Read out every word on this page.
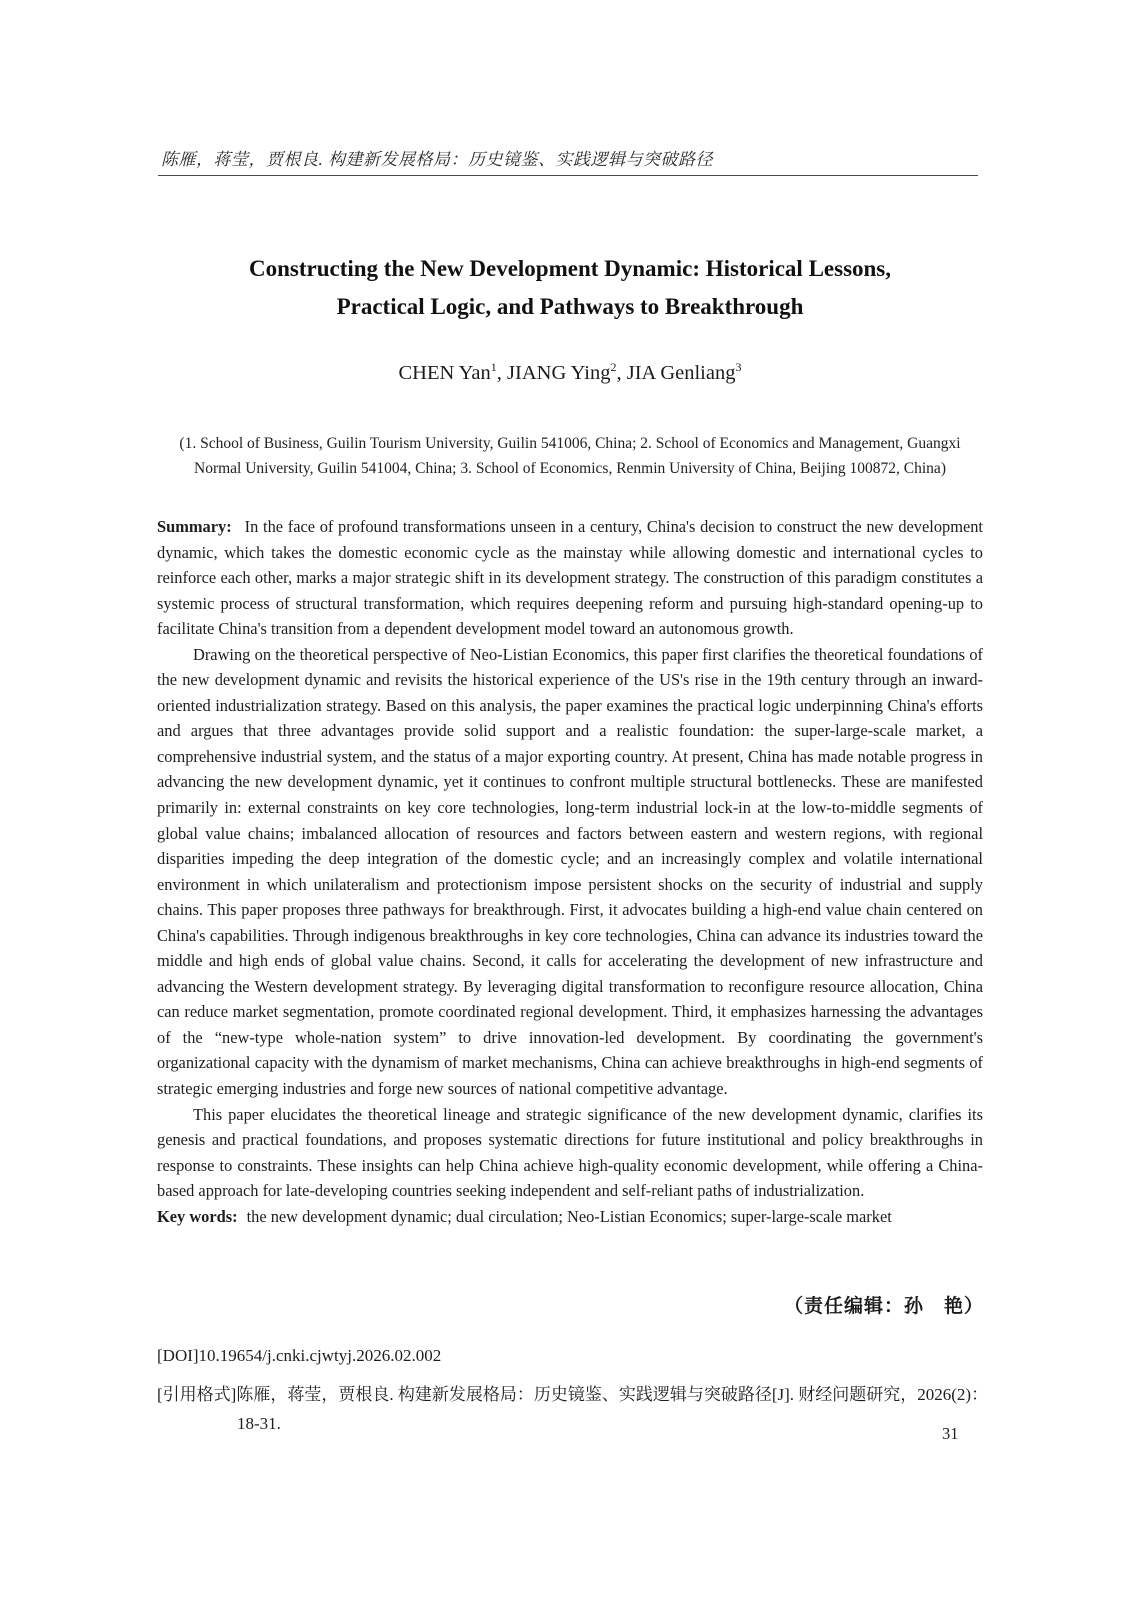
陈雁，蒋莹，贾根良. 构建新发展格局：历史镜鉴、实践逻辑与突破路径
Constructing the New Development Dynamic: Historical Lessons,
Practical Logic, and Pathways to Breakthrough
CHEN Yan$^1$, JIANG Ying$^2$, JIA Genliang$^3$
(1. School of Business, Guilin Tourism University, Guilin 541006, China; 2. School of Economics and Management, Guangxi
Normal University, Guilin 541004, China; 3. School of Economics, Renmin University of China, Beijing 100872, China)

Summary: In the face of profound transformations unseen in a century, China's decision to construct the new development dynamic, which takes the domestic economic cycle as the mainstay while allowing domestic and international cycles to reinforce each other, marks a major strategic shift in its development strategy. The construction of this paradigm constitutes a systemic process of structural transformation, which requires deepening reform and pursuing high-standard opening-up to facilitate China's transition from a dependent development model toward an autonomous growth.

Drawing on the theoretical perspective of Neo-Listian Economics, this paper first clarifies the theoretical foundations of the new development dynamic and revisits the historical experience of the US's rise in the 19th century through an inward-oriented industrialization strategy. Based on this analysis, the paper examines the practical logic underpinning China's efforts and argues that three advantages provide solid support and a realistic foundation: the super-large-scale market, a comprehensive industrial system, and the status of a major exporting country. At present, China has made notable progress in advancing the new development dynamic, yet it continues to confront multiple structural bottlenecks. These are manifested primarily in: external constraints on key core technologies, long-term industrial lock-in at the low-to-middle segments of global value chains; imbalanced allocation of resources and factors between eastern and western regions, with regional disparities impeding the deep integration of the domestic cycle; and an increasingly complex and volatile international environment in which unilateralism and protectionism impose persistent shocks on the security of industrial and supply chains. This paper proposes three pathways for breakthrough. First, it advocates building a high-end value chain centered on China's capabilities. Through indigenous breakthroughs in key core technologies, China can advance its industries toward the middle and high ends of global value chains. Second, it calls for accelerating the development of new infrastructure and advancing the Western development strategy. By leveraging digital transformation to reconfigure resource allocation, China can reduce market segmentation, promote coordinated regional development. Third, it emphasizes harnessing the advantages of the “new-type whole-nation system” to drive innovation-led development. By coordinating the government's organizational capacity with the dynamism of market mechanisms, China can achieve breakthroughs in high-end segments of strategic emerging industries and forge new sources of national competitive advantage.

This paper elucidates the theoretical lineage and strategic significance of the new development dynamic, clarifies its genesis and practical foundations, and proposes systematic directions for future institutional and policy breakthroughs in response to constraints. These insights can help China achieve high-quality economic development, while offering a China-based approach for late-developing countries seeking independent and self-reliant paths of industrialization.

Key words: the new development dynamic; dual circulation; Neo-Listian Economics; super-large-scale market

（责任编辑：孙　艳）
[DOI]10.19654/j.cnki.cjwtyj.2026.02.002
[引用格式]陈雁，蒋莹，贾根良. 构建新发展格局：历史镜鉴、实践逻辑与突破路径[J]. 财经问题研究，2026(2)：
18-31.
31
